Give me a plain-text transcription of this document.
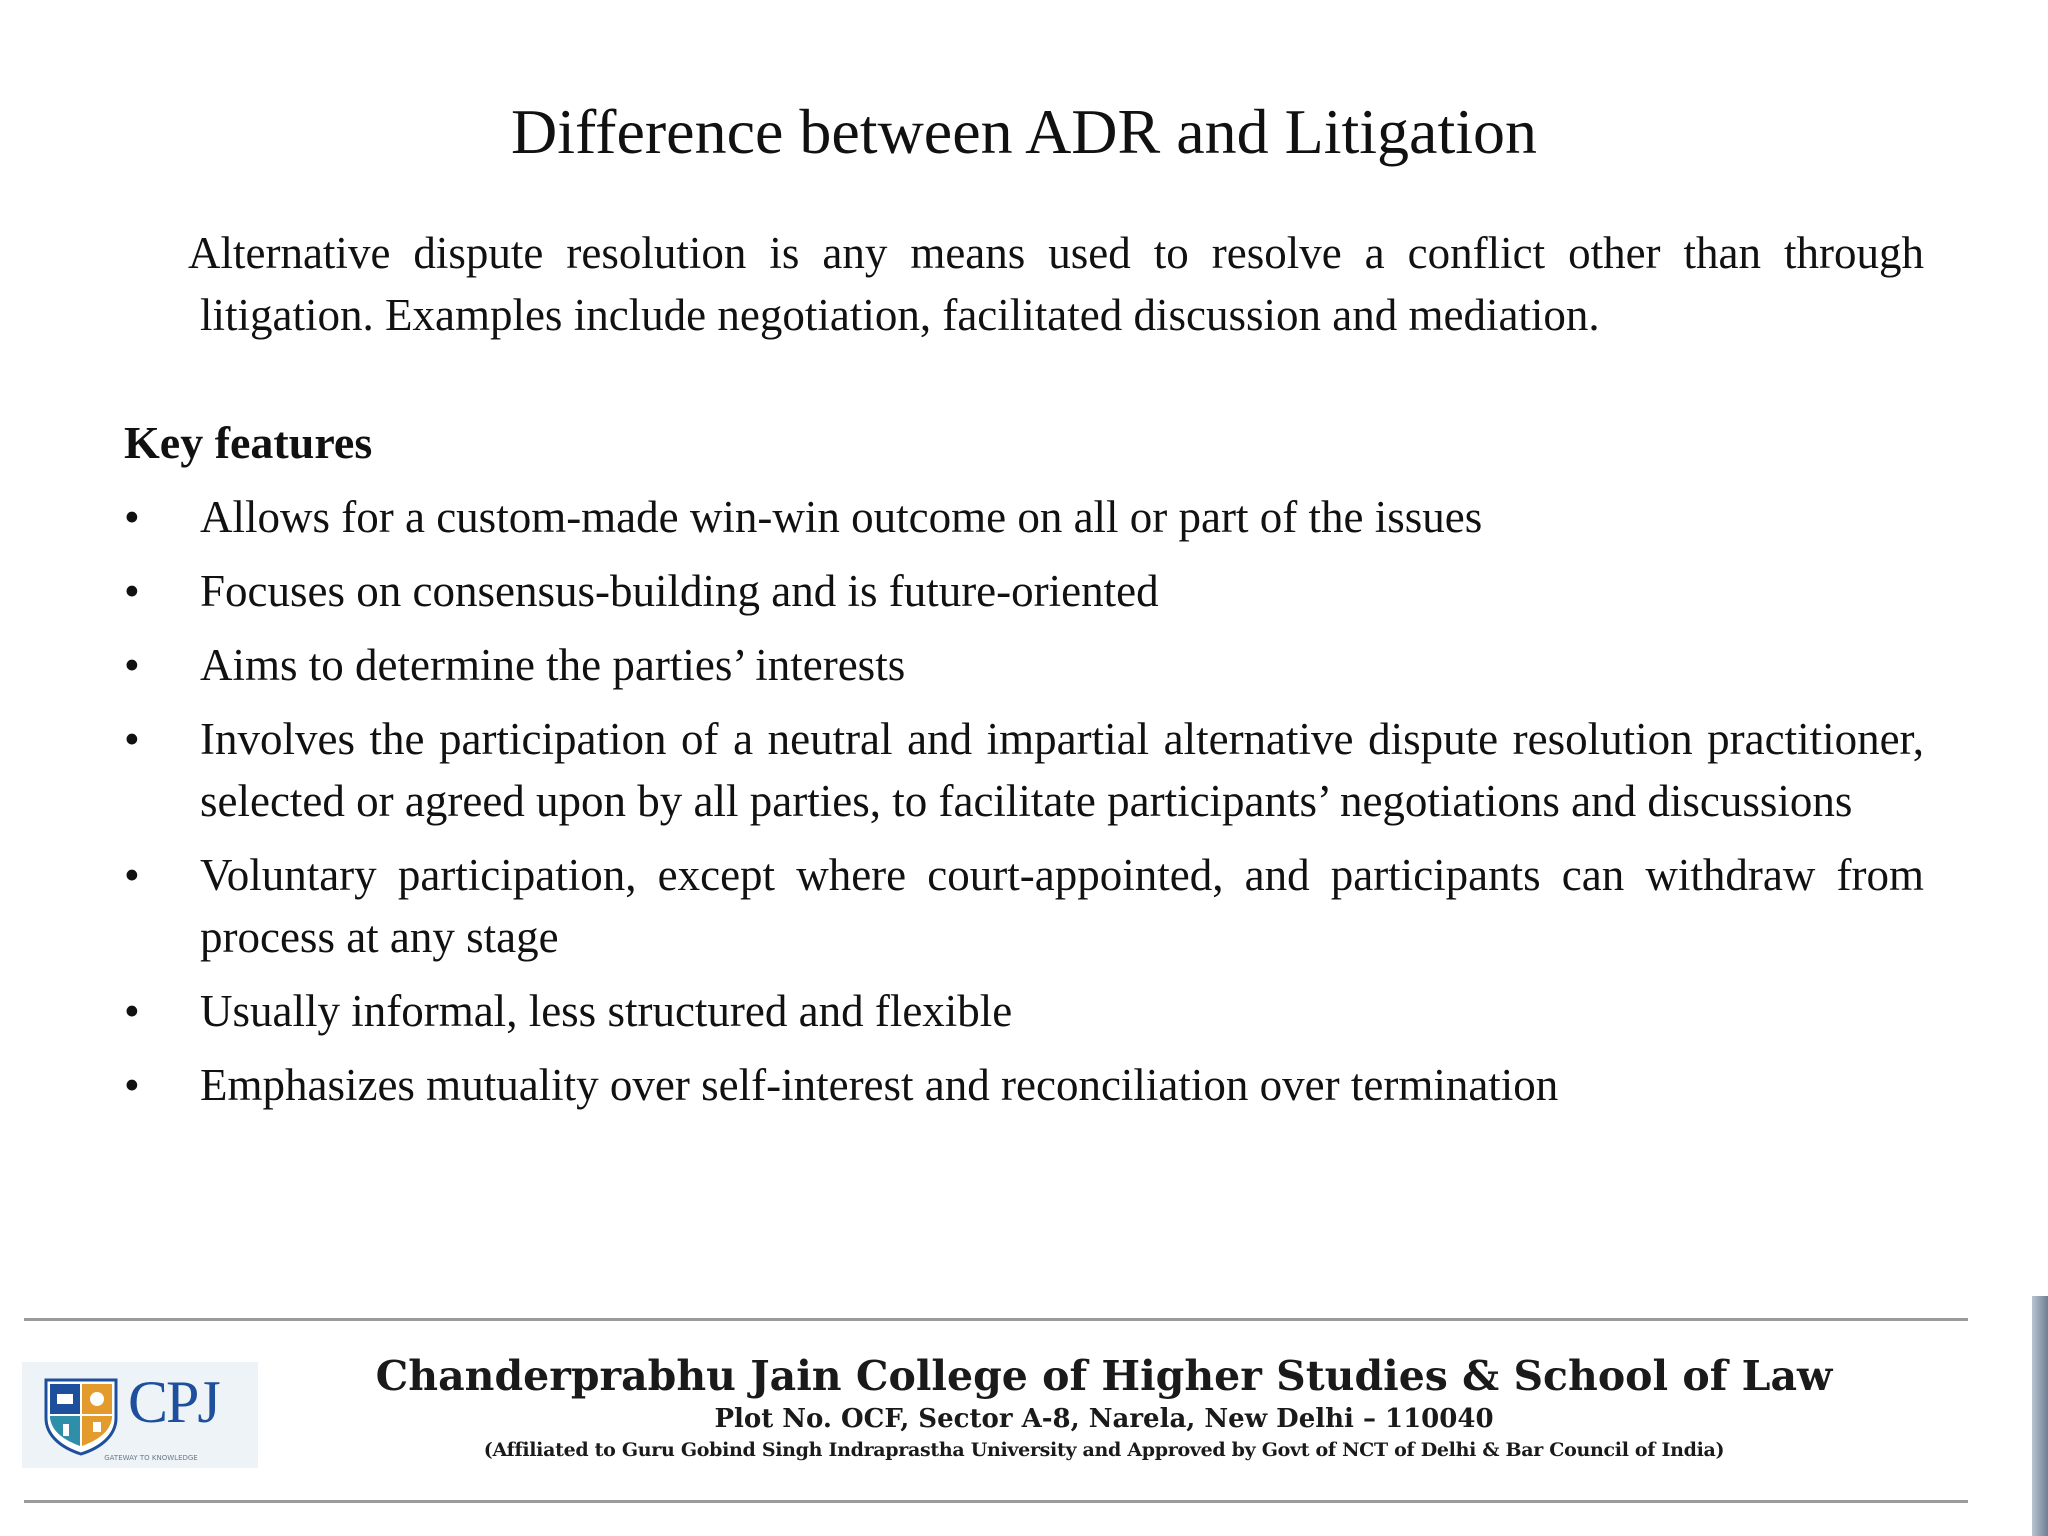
Difference between ADR and Litigation

Alternative dispute resolution is any means used to resolve a conflict other than through litigation. Examples include negotiation, facilitated discussion and mediation.

Key features

•	Allows for a custom-made win-win outcome on all or part of the issues
•	Focuses on consensus-building and is future-oriented
•	Aims to determine the parties’ interests
•	Involves the participation of a neutral and impartial alternative dispute resolution practitioner, selected or agreed upon by all parties, to facilitate participants’ negotiations and discussions
•	Voluntary participation, except where court-appointed, and participants can withdraw from process at any stage
•	Usually informal, less structured and flexible
•	Emphasizes mutuality over self-interest and reconciliation over termination
CPJ
GATEWAY TO KNOWLEDGE
Chanderprabhu Jain College of Higher Studies & School of Law
Plot No. OCF, Sector A-8, Narela, New Delhi – 110040
(Affiliated to Guru Gobind Singh Indraprastha University and Approved by Govt of NCT of Delhi & Bar Council of India)
